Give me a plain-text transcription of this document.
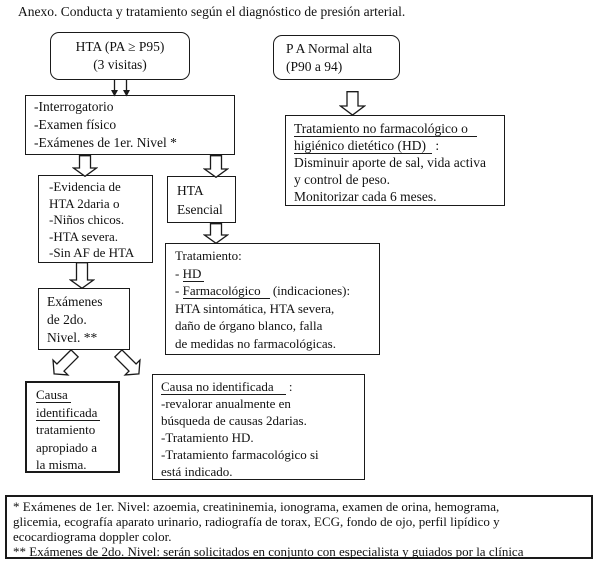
Anexo. Conducta y tratamiento según el diagnóstico de presión arterial.
HTA (PA ≥ P95)
(3 visitas)
P A Normal alta
(P90 a 94)
-Interrogatorio
-Examen físico
-Exámenes de 1er. Nivel *
Tratamiento no farmacológico o
higiénico dietético (HD) :
Disminuir aporte de sal, vida activa
y control de peso.
Monitorizar cada 6 meses.
-Evidencia de
HTA 2daria o
-Niños chicos.
-HTA severa.
-Sin AF de HTA
HTA
Esencial
Tratamiento:
- HD
- Farmacológico (indicaciones):
HTA sintomática, HTA severa,
daño de órgano blanco, falla
de medidas no farmacológicas.
Exámenes
de 2do.
Nivel. **
Causa
identificada
tratamiento
apropiado a
la misma.
Causa no identificada :
-revalorar anualmente en
búsqueda de causas 2darias.
-Tratamiento HD.
-Tratamiento farmacológico si
está indicado.
* Exámenes de 1er. Nivel: azoemia, creatininemia, ionograma, examen de orina, hemograma,
glicemia, ecografía aparato urinario, radiografía de torax, ECG, fondo de ojo, perfil lipídico y
ecocardiograma doppler color.
** Exámenes de 2do. Nivel: serán solicitados en conjunto con especialista y guiados por la clínica
